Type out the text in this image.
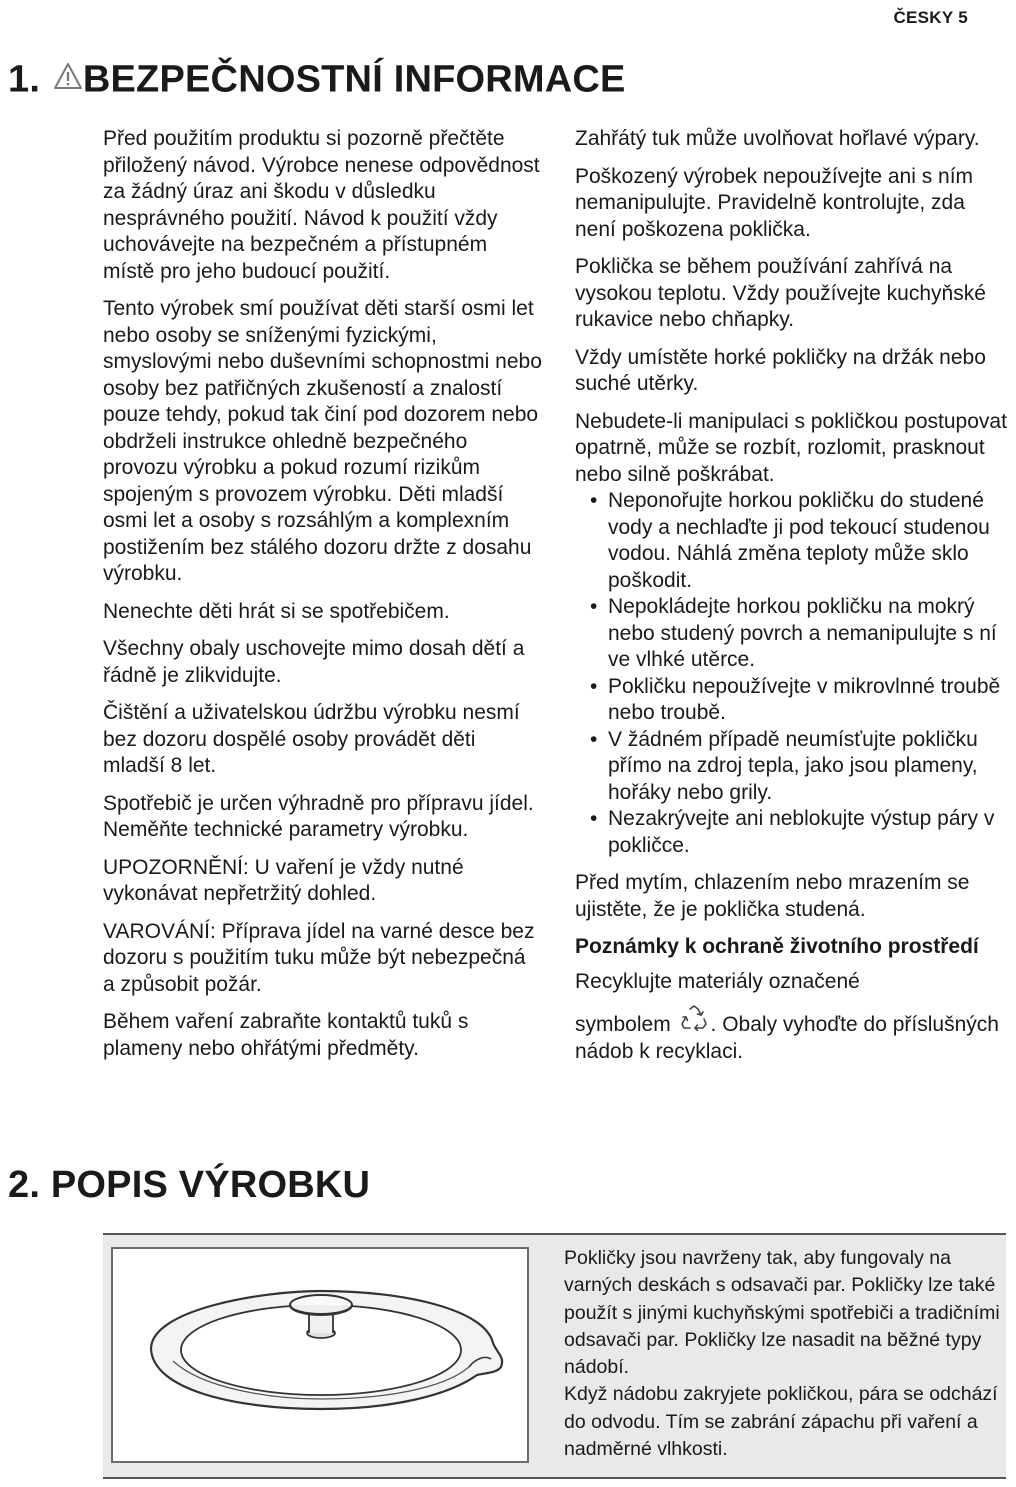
ČESKY 5
1. BEZPEČNOSTNÍ INFORMACE

Před použitím produktu si pozorně přečtěte přiložený návod. Výrobce nenese odpovědnost za žádný úraz ani škodu v důsledku nesprávného použití. Návod k použití vždy uchovávejte na bezpečném a přístupném místě pro jeho budoucí použití.

Tento výrobek smí používat děti starší osmi let nebo osoby se sníženými fyzickými, smyslovými nebo duševními schopnostmi nebo osoby bez patřičných zkušeností a znalostí pouze tehdy, pokud tak činí pod dozorem nebo obdrželi instrukce ohledně bezpečného provozu výrobku a pokud rozumí rizikům spojeným s provozem výrobku. Děti mladší osmi let a osoby s rozsáhlým a komplexním postižením bez stálého dozoru držte z dosahu výrobku.

Nenechte děti hrát si se spotřebičem.

Všechny obaly uschovejte mimo dosah dětí a řádně je zlikvidujte.

Čištění a uživatelskou údržbu výrobku nesmí bez dozoru dospělé osoby provádět děti mladší 8 let.

Spotřebič je určen výhradně pro přípravu jídel. Neměňte technické parametry výrobku.

UPOZORNĚNÍ: U vaření je vždy nutné vykonávat nepřetržitý dohled.

VAROVÁNÍ: Příprava jídel na varné desce bez dozoru s použitím tuku může být nebezpečná a způsobit požár.

Během vaření zabraňte kontaktů tuků s plameny nebo ohřátými předměty.

Zahřátý tuk může uvolňovat hořlavé výpary.

Poškozený výrobek nepoužívejte ani s ním nemanipulujte. Pravidelně kontrolujte, zda není poškozena poklička.

Poklička se během používání zahřívá na vysokou teplotu. Vždy používejte kuchyňské rukavice nebo chňapky.

Vždy umístěte horké pokličky na držák nebo suché utěrky.

Nebudete-li manipulaci s pokličkou postupovat opatrně, může se rozbít, rozlomit, prasknout nebo silně poškrábat.

• Neponořujte horkou pokličku do studené vody a nechlaďte ji pod tekoucí studenou vodou. Náhlá změna teploty může sklo poškodit.
• Nepokládejte horkou pokličku na mokrý nebo studený povrch a nemanipulujte s ní ve vlhké utěrce.
• Pokličku nepoužívejte v mikrovlnné troubě nebo troubě.
• V žádném případě neumísťujte pokličku přímo na zdroj tepla, jako jsou plameny, hořáky nebo grily.
• Nezakrývejte ani neblokujte výstup páry v pokličce.

Před mytím, chlazením nebo mrazením se ujistěte, že je poklička studená.

Poznámky k ochraně životního prostředí

Recyklujte materiály označené
symbolem . Obaly vyhoďte do příslušných nádob k recyklaci.

2. POPIS VÝROBKU

Pokličky jsou navrženy tak, aby fungovaly na varných deskách s odsavači par. Pokličky lze také použít s jinými kuchyňskými spotřebiči a tradičními odsavači par. Pokličky lze nasadit na běžné typy nádobí.

Když nádobu zakryjete pokličkou, pára se odchází do odvodu. Tím se zabrání zápachu při vaření a nadměrné vlhkosti.
